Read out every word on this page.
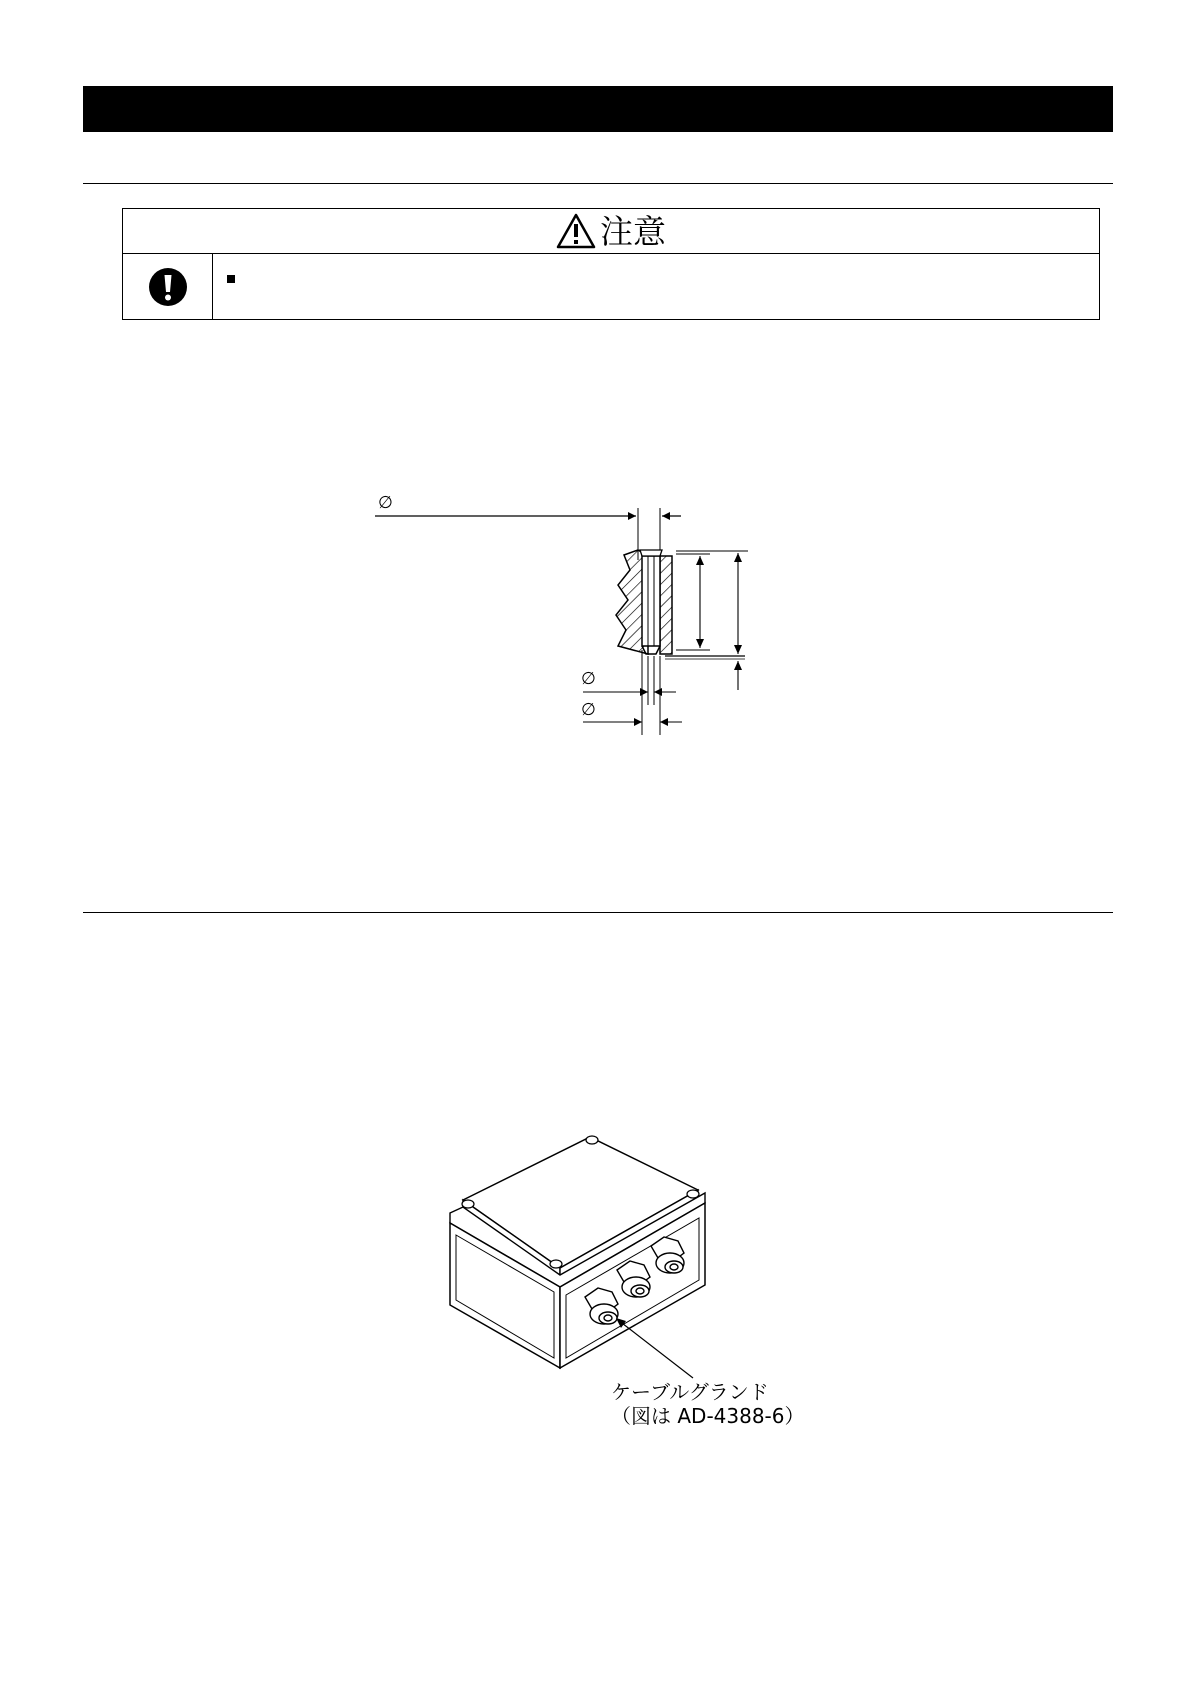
注意
∅
∅
∅
ケーブルグランド
（図は AD-4388-6）
